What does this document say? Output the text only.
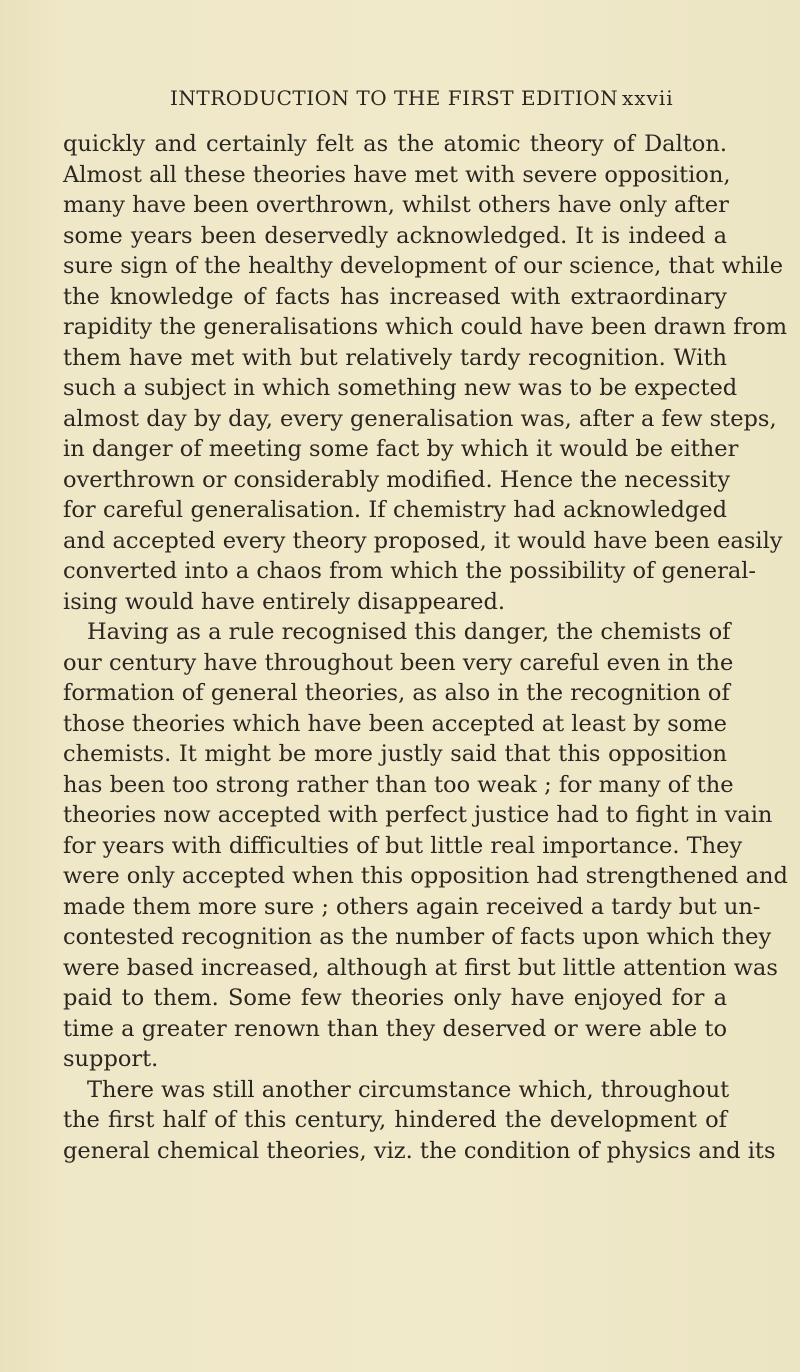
INTRODUCTION TO THE FIRST EDITION xxvii
quickly and certainly felt as the atomic theory of Dalton.
Almost all these theories have met with severe opposition,
many have been overthrown, whilst others have only after
some years been deservedly acknowledged. It is indeed a
sure sign of the healthy development of our science, that while
the knowledge of facts has increased with extraordinary
rapidity the generalisations which could have been drawn from
them have met with but relatively tardy recognition. With
such a subject in which something new was to be expected
almost day by day, every generalisation was, after a few steps,
in danger of meeting some fact by which it would be either
overthrown or considerably modified. Hence the necessity
for careful generalisation. If chemistry had acknowledged
and accepted every theory proposed, it would have been easily
converted into a chaos from which the possibility of general-
ising would have entirely disappeared.
Having as a rule recognised this danger, the chemists of
our century have throughout been very careful even in the
formation of general theories, as also in the recognition of
those theories which have been accepted at least by some
chemists. It might be more justly said that this opposition
has been too strong rather than too weak ; for many of the
theories now accepted with perfect justice had to fight in vain
for years with difficulties of but little real importance. They
were only accepted when this opposition had strengthened and
made them more sure ; others again received a tardy but un-
contested recognition as the number of facts upon which they
were based increased, although at first but little attention was
paid to them. Some few theories only have enjoyed for a
time a greater renown than they deserved or were able to
support.
There was still another circumstance which, throughout
the first half of this century, hindered the development of
general chemical theories, viz. the condition of physics and its
